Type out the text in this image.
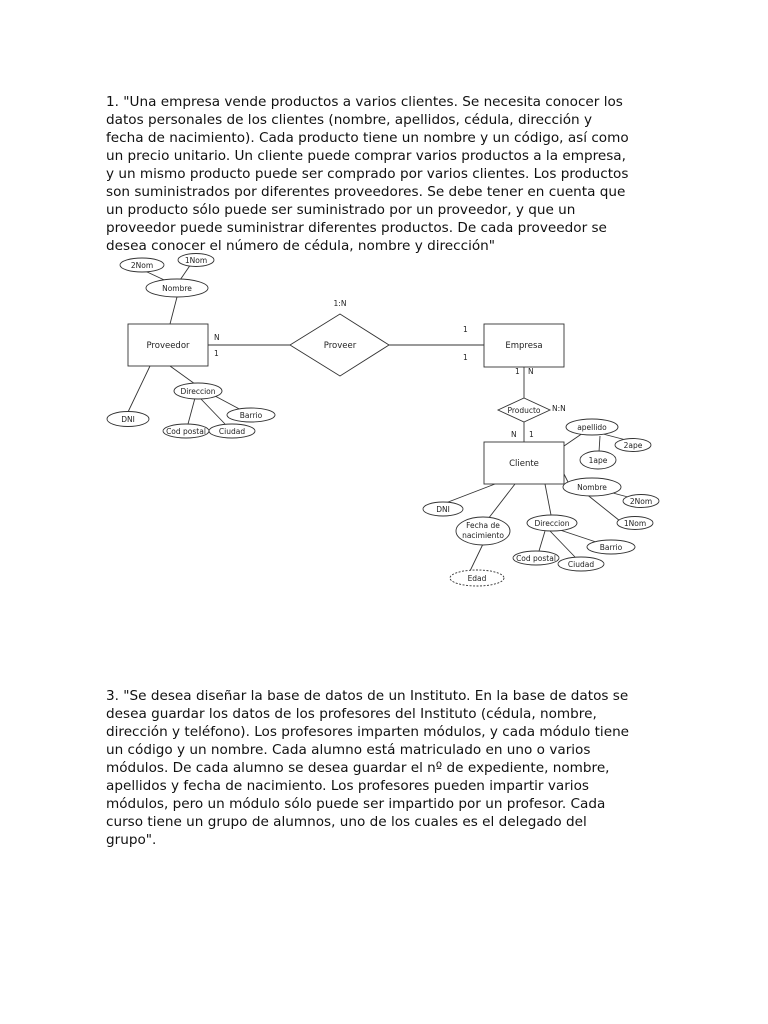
1. "Una empresa vende productos a varios clientes. Se necesita conocer los
datos personales de los clientes (nombre, apellidos, cédula, dirección y
fecha de nacimiento). Cada producto tiene un nombre y un código, así como
un precio unitario. Un cliente puede comprar varios productos a la empresa,
y un mismo producto puede ser comprado por varios clientes. Los productos
son suministrados por diferentes proveedores. Se debe tener en cuenta que
un producto sólo puede ser suministrado por un proveedor, y que un
proveedor puede suministrar diferentes productos. De cada proveedor se
desea conocer el número de cédula, nombre y dirección"

Proveedor	Empresa
Cliente
Proveer
Producto
2Nom
1Nom
Nombre
DNI
Direccion
Barrio
Cod postal Ciudad	apellido
2ape
1ape
Nombre
2Nom
1Nom
DNI
Fecha de
nacimiento
Direccion
Barrio
Cod postal
Ciudad
Edad
1:N
N
1
1
1
1 N
N:N
N 1

3. "Se desea diseñar la base de datos de un Instituto. En la base de datos se
desea guardar los datos de los profesores del Instituto (cédula, nombre,
dirección y teléfono). Los profesores imparten módulos, y cada módulo tiene
un código y un nombre. Cada alumno está matriculado en uno o varios
módulos. De cada alumno se desea guardar el nº de expediente, nombre,
apellidos y fecha de nacimiento. Los profesores pueden impartir varios
módulos, pero un módulo sólo puede ser impartido por un profesor. Cada
curso tiene un grupo de alumnos, uno de los cuales es el delegado del
grupo".
